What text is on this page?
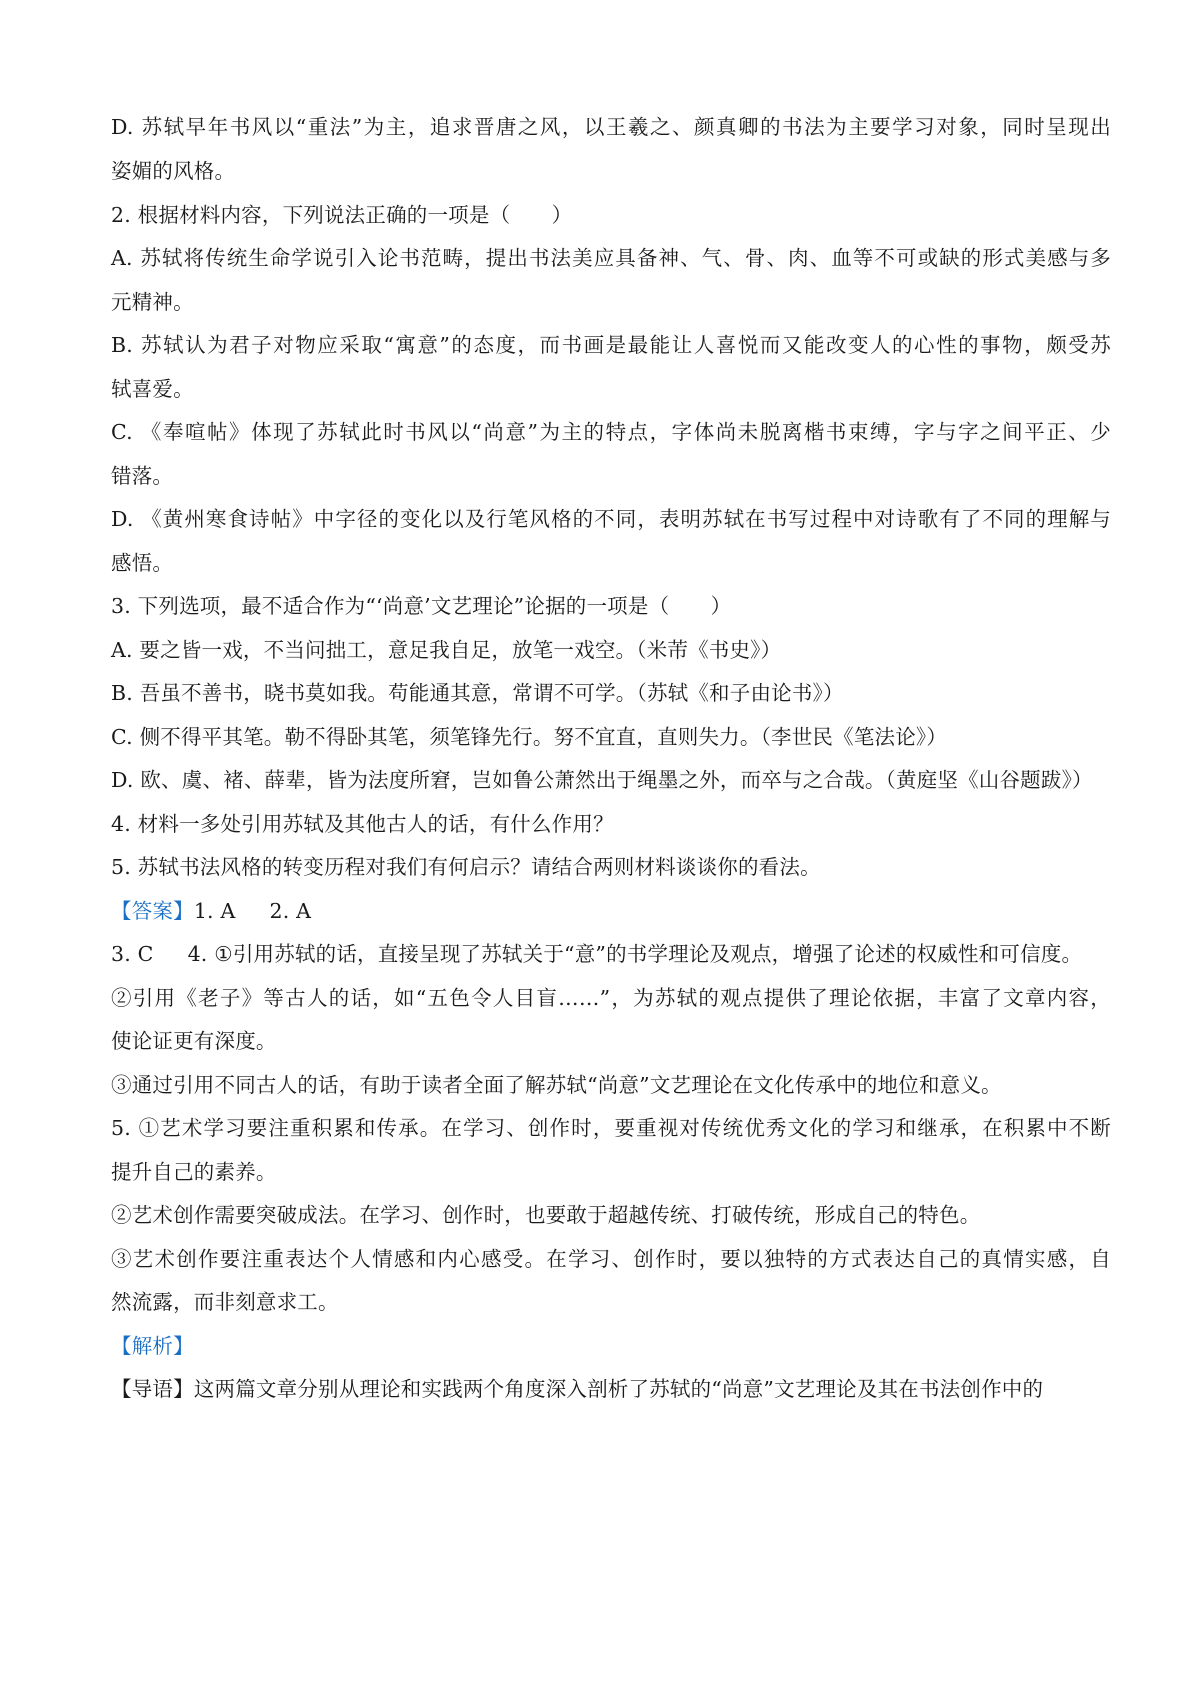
D. 苏轼早年书风以“重法”为主，追求晋唐之风，以王羲之、颜真卿的书法为主要学习对象，同时呈现出
姿媚的风格。
2. 根据材料内容，下列说法正确的一项是（　　）
A. 苏轼将传统生命学说引入论书范畴，提出书法美应具备神、气、骨、肉、血等不可或缺的形式美感与多
元精神。
B. 苏轼认为君子对物应采取“寓意”的态度，而书画是最能让人喜悦而又能改变人的心性的事物，颇受苏
轼喜爱。
C. 《奉喧帖》体现了苏轼此时书风以“尚意”为主的特点，字体尚未脱离楷书束缚，字与字之间平正、少
错落。
D. 《黄州寒食诗帖》中字径的变化以及行笔风格的不同，表明苏轼在书写过程中对诗歌有了不同的理解与
感悟。
3. 下列选项，最不适合作为“‘尚意’文艺理论”论据的一项是（　　）
A. 要之皆一戏，不当问拙工，意足我自足，放笔一戏空。（米芾《书史》）
B. 吾虽不善书，晓书莫如我。苟能通其意，常谓不可学。（苏轼《和子由论书》）
C. 侧不得平其笔。勒不得卧其笔，须笔锋先行。努不宜直，直则失力。（李世民《笔法论》）
D. 欧、虞、褚、薛辈，皆为法度所窘，岂如鲁公萧然出于绳墨之外，而卒与之合哉。（黄庭坚《山谷题跋》）
4. 材料一多处引用苏轼及其他古人的话，有什么作用？
5. 苏轼书法风格的转变历程对我们有何启示？请结合两则材料谈谈你的看法。
【答案】1. A 2. A
3. C 4. ①引用苏轼的话，直接呈现了苏轼关于“意”的书学理论及观点，增强了论述的权威性和可信度。
②引用《老子》等古人的话，如“五色令人目盲……”，为苏轼的观点提供了理论依据，丰富了文章内容，
使论证更有深度。
③通过引用不同古人的话，有助于读者全面了解苏轼“尚意”文艺理论在文化传承中的地位和意义。
5. ①艺术学习要注重积累和传承。在学习、创作时，要重视对传统优秀文化的学习和继承，在积累中不断
提升自己的素养。
②艺术创作需要突破成法。在学习、创作时，也要敢于超越传统、打破传统，形成自己的特色。
③艺术创作要注重表达个人情感和内心感受。在学习、创作时，要以独特的方式表达自己的真情实感，自
然流露，而非刻意求工。
【解析】
【导语】这两篇文章分别从理论和实践两个角度深入剖析了苏轼的“尚意”文艺理论及其在书法创作中的
